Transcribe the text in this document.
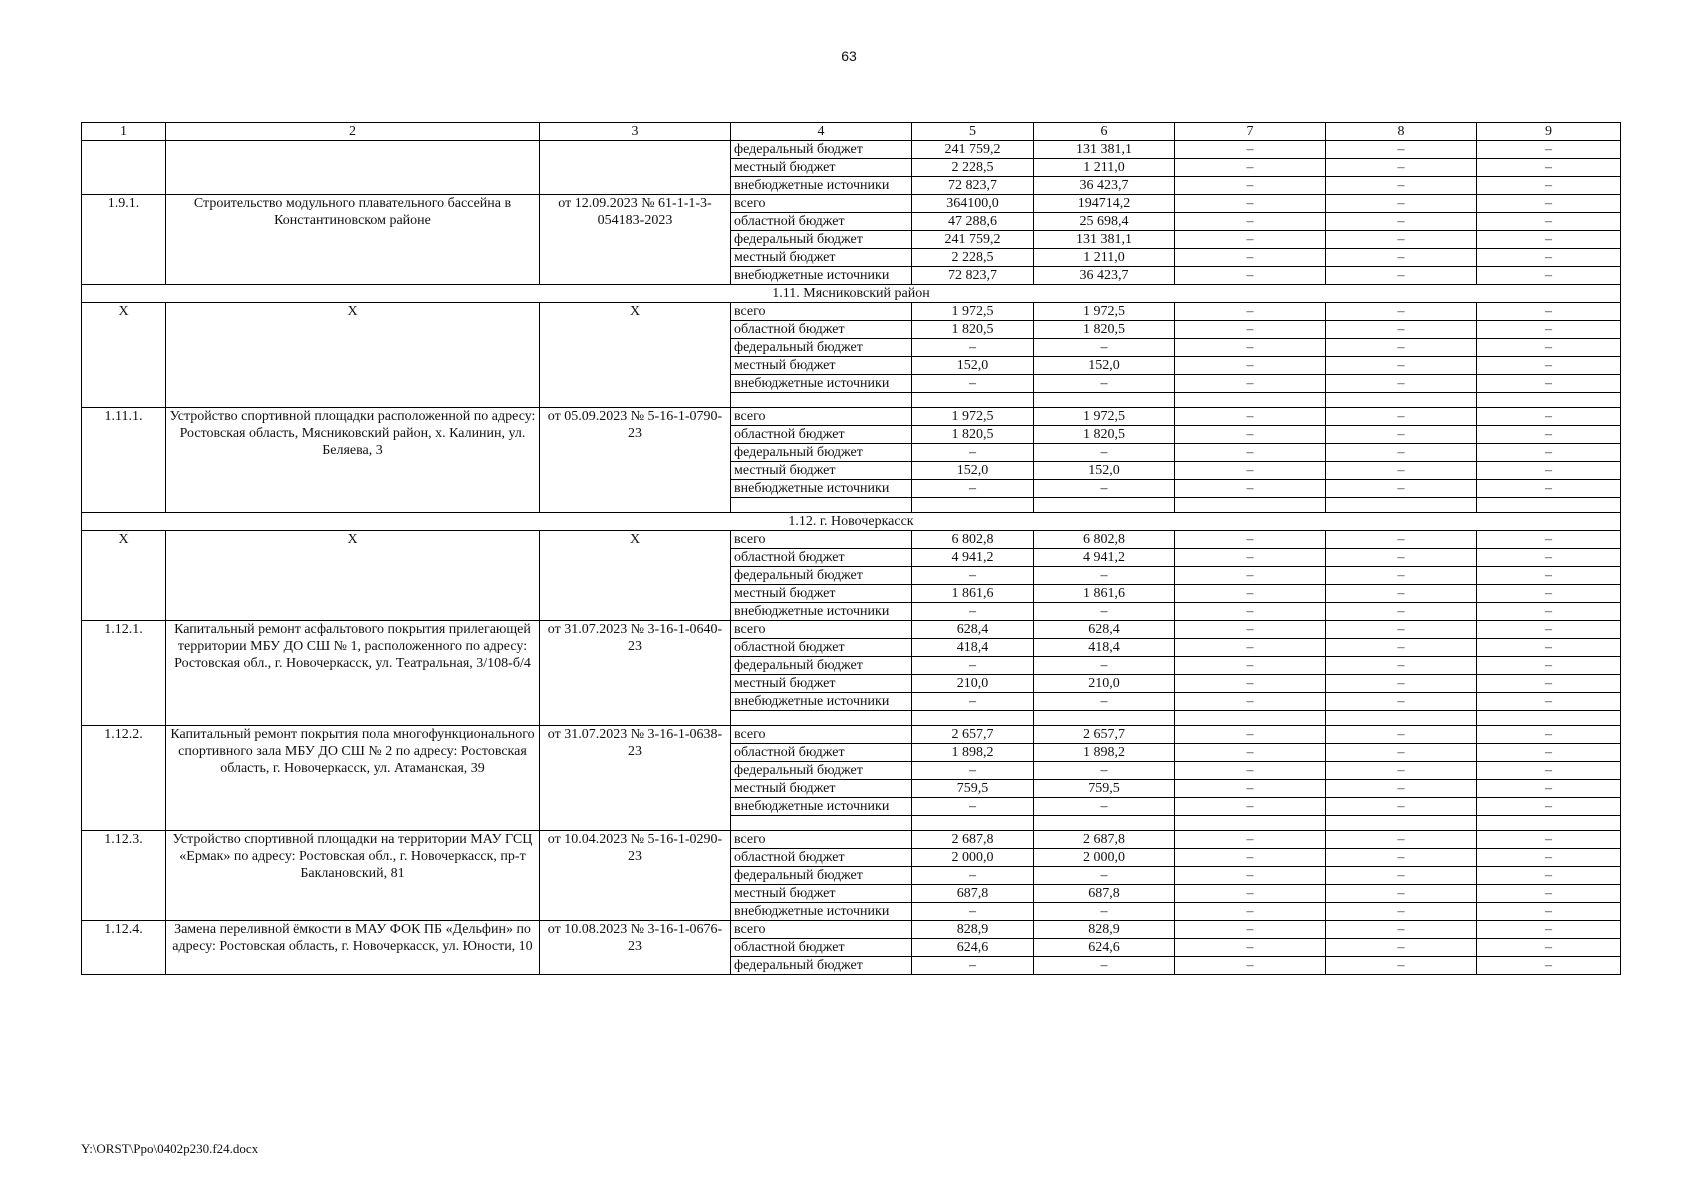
63
1	2	3	4	5	6	7	8	9
			федеральный бюджет	241 759,2	131 381,1	–	–	–
			местный бюджет	2 228,5	1 211,0	–	–	–
			внебюджетные источники	72 823,7	36 423,7	–	–	–
1.9.1.	Строительство модульного плавательного бассейна в Константиновском районе	от 12.09.2023 № 61-1-1-3-054183-2023	всего	364100,0	194714,2	–	–	–
			областной бюджет	47 288,6	25 698,4	–	–	–
			федеральный бюджет	241 759,2	131 381,1	–	–	–
			местный бюджет	2 228,5	1 211,0	–	–	–
			внебюджетные источники	72 823,7	36 423,7	–	–	–
1.11. Мясниковский район								
X	X	X	всего	1 972,5	1 972,5	–	–	–
			областной бюджет	1 820,5	1 820,5	–	–	–
			федеральный бюджет	–	–	–	–	–
			местный бюджет	152,0	152,0	–	–	–
			внебюджетные источники	–	–	–	–	–

1.11.1.	Устройство спортивной площадки расположенной по адресу: Ростовская область, Мясниковский район, х. Калинин, ул. Беляева, 3	от 05.09.2023 № 5-16-1-0790-23	всего	1 972,5	1 972,5	–	–	–
			областной бюджет	1 820,5	1 820,5	–	–	–
			федеральный бюджет	–	–	–	–	–
			местный бюджет	152,0	152,0	–	–	–
			внебюджетные источники	–	–	–	–	–

1.12. г. Новочеркасск								
X	X	X	всего	6 802,8	6 802,8	–	–	–
			областной бюджет	4 941,2	4 941,2	–	–	–
			федеральный бюджет	–	–	–	–	–
			местный бюджет	1 861,6	1 861,6	–	–	–
			внебюджетные источники	–	–	–	–	–
1.12.1.	Капитальный ремонт асфальтового покрытия прилегающей территории МБУ ДО СШ № 1, расположенного по адресу: Ростовская обл., г. Новочеркасск, ул. Театральная, 3/108-б/4	от 31.07.2023 № 3-16-1-0640-23	всего	628,4	628,4	–	–	–
			областной бюджет	418,4	418,4	–	–	–
			федеральный бюджет	–	–	–	–	–
			местный бюджет	210,0	210,0	–	–	–
			внебюджетные источники	–	–	–	–	–

1.12.2.	Капитальный ремонт покрытия пола многофункционального спортивного зала МБУ ДО СШ № 2 по адресу: Ростовская область, г. Новочеркасск, ул. Атаманская, 39	от 31.07.2023 № 3-16-1-0638-23	всего	2 657,7	2 657,7	–	–	–
			областной бюджет	1 898,2	1 898,2	–	–	–
			федеральный бюджет	–	–	–	–	–
			местный бюджет	759,5	759,5	–	–	–
			внебюджетные источники	–	–	–	–	–

1.12.3.	Устройство спортивной площадки на территории МАУ ГСЦ «Ермак» по адресу: Ростовская обл., г. Новочеркасск, пр-т Баклановский, 81	от 10.04.2023 № 5-16-1-0290-23	всего	2 687,8	2 687,8	–	–	–
			областной бюджет	2 000,0	2 000,0	–	–	–
			федеральный бюджет	–	–	–	–	–
			местный бюджет	687,8	687,8	–	–	–
			внебюджетные источники	–	–	–	–	–
1.12.4.	Замена переливной ёмкости в МАУ ФОК ПБ «Дельфин» по адресу: Ростовская область, г. Новочеркасск, ул. Юности, 10	от 10.08.2023 № 3-16-1-0676-23	всего	828,9	828,9	–	–	–
			областной бюджет	624,6	624,6	–	–	–
			федеральный бюджет	–	–	–	–	–
Y:\ORST\Ppo\0402p230.f24.docx
